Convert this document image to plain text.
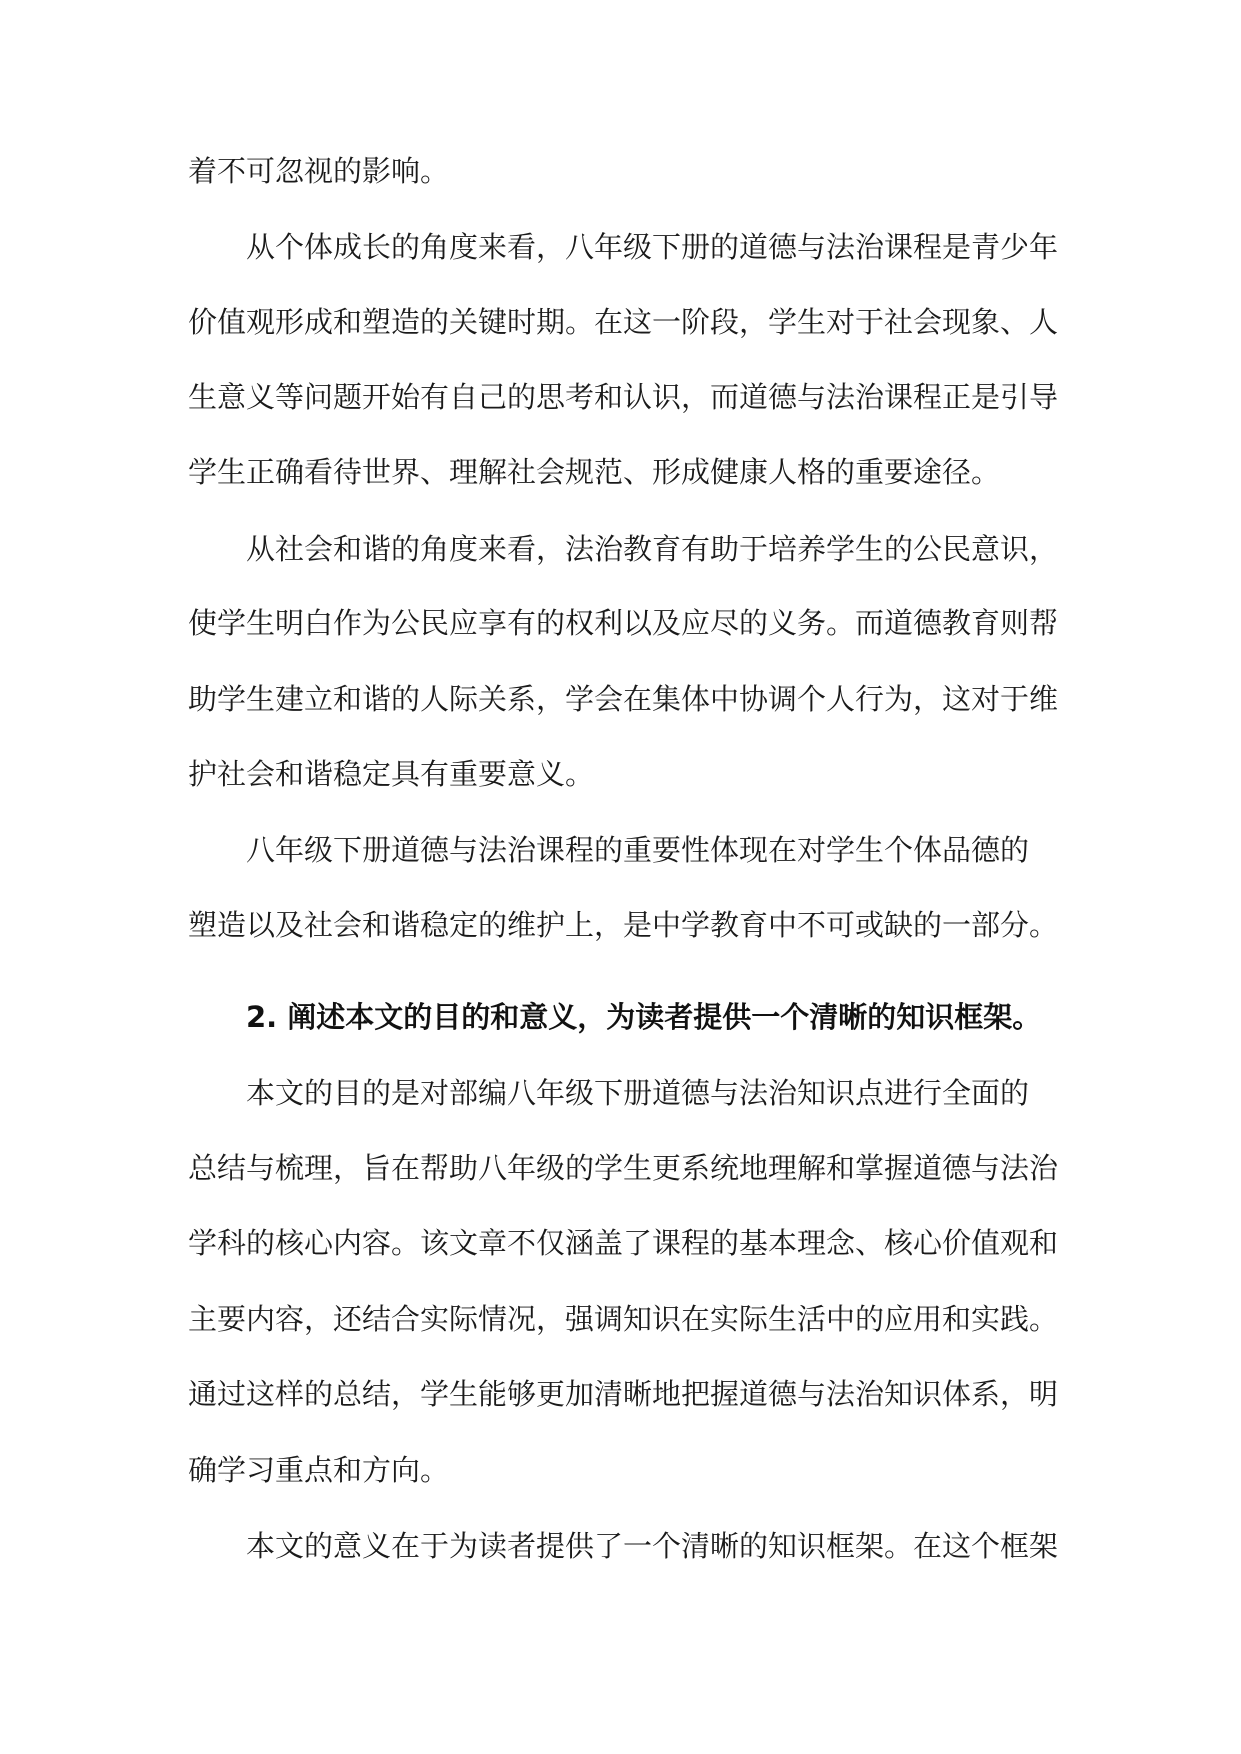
着不可忽视的影响。
从个体成长的角度来看，八年级下册的道德与法治课程是青少年
价值观形成和塑造的关键时期。在这一阶段，学生对于社会现象、人
生意义等问题开始有自己的思考和认识，而道德与法治课程正是引导
学生正确看待世界、理解社会规范、形成健康人格的重要途径。
从社会和谐的角度来看，法治教育有助于培养学生的公民意识，
使学生明白作为公民应享有的权利以及应尽的义务。而道德教育则帮
助学生建立和谐的人际关系，学会在集体中协调个人行为，这对于维
护社会和谐稳定具有重要意义。
八年级下册道德与法治课程的重要性体现在对学生个体品德的
塑造以及社会和谐稳定的维护上，是中学教育中不可或缺的一部分。
2. 阐述本文的目的和意义，为读者提供一个清晰的知识框架。
本文的目的是对部编八年级下册道德与法治知识点进行全面的
总结与梳理，旨在帮助八年级的学生更系统地理解和掌握道德与法治
学科的核心内容。该文章不仅涵盖了课程的基本理念、核心价值观和
主要内容，还结合实际情况，强调知识在实际生活中的应用和实践。
通过这样的总结，学生能够更加清晰地把握道德与法治知识体系，明
确学习重点和方向。
本文的意义在于为读者提供了一个清晰的知识框架。在这个框架
